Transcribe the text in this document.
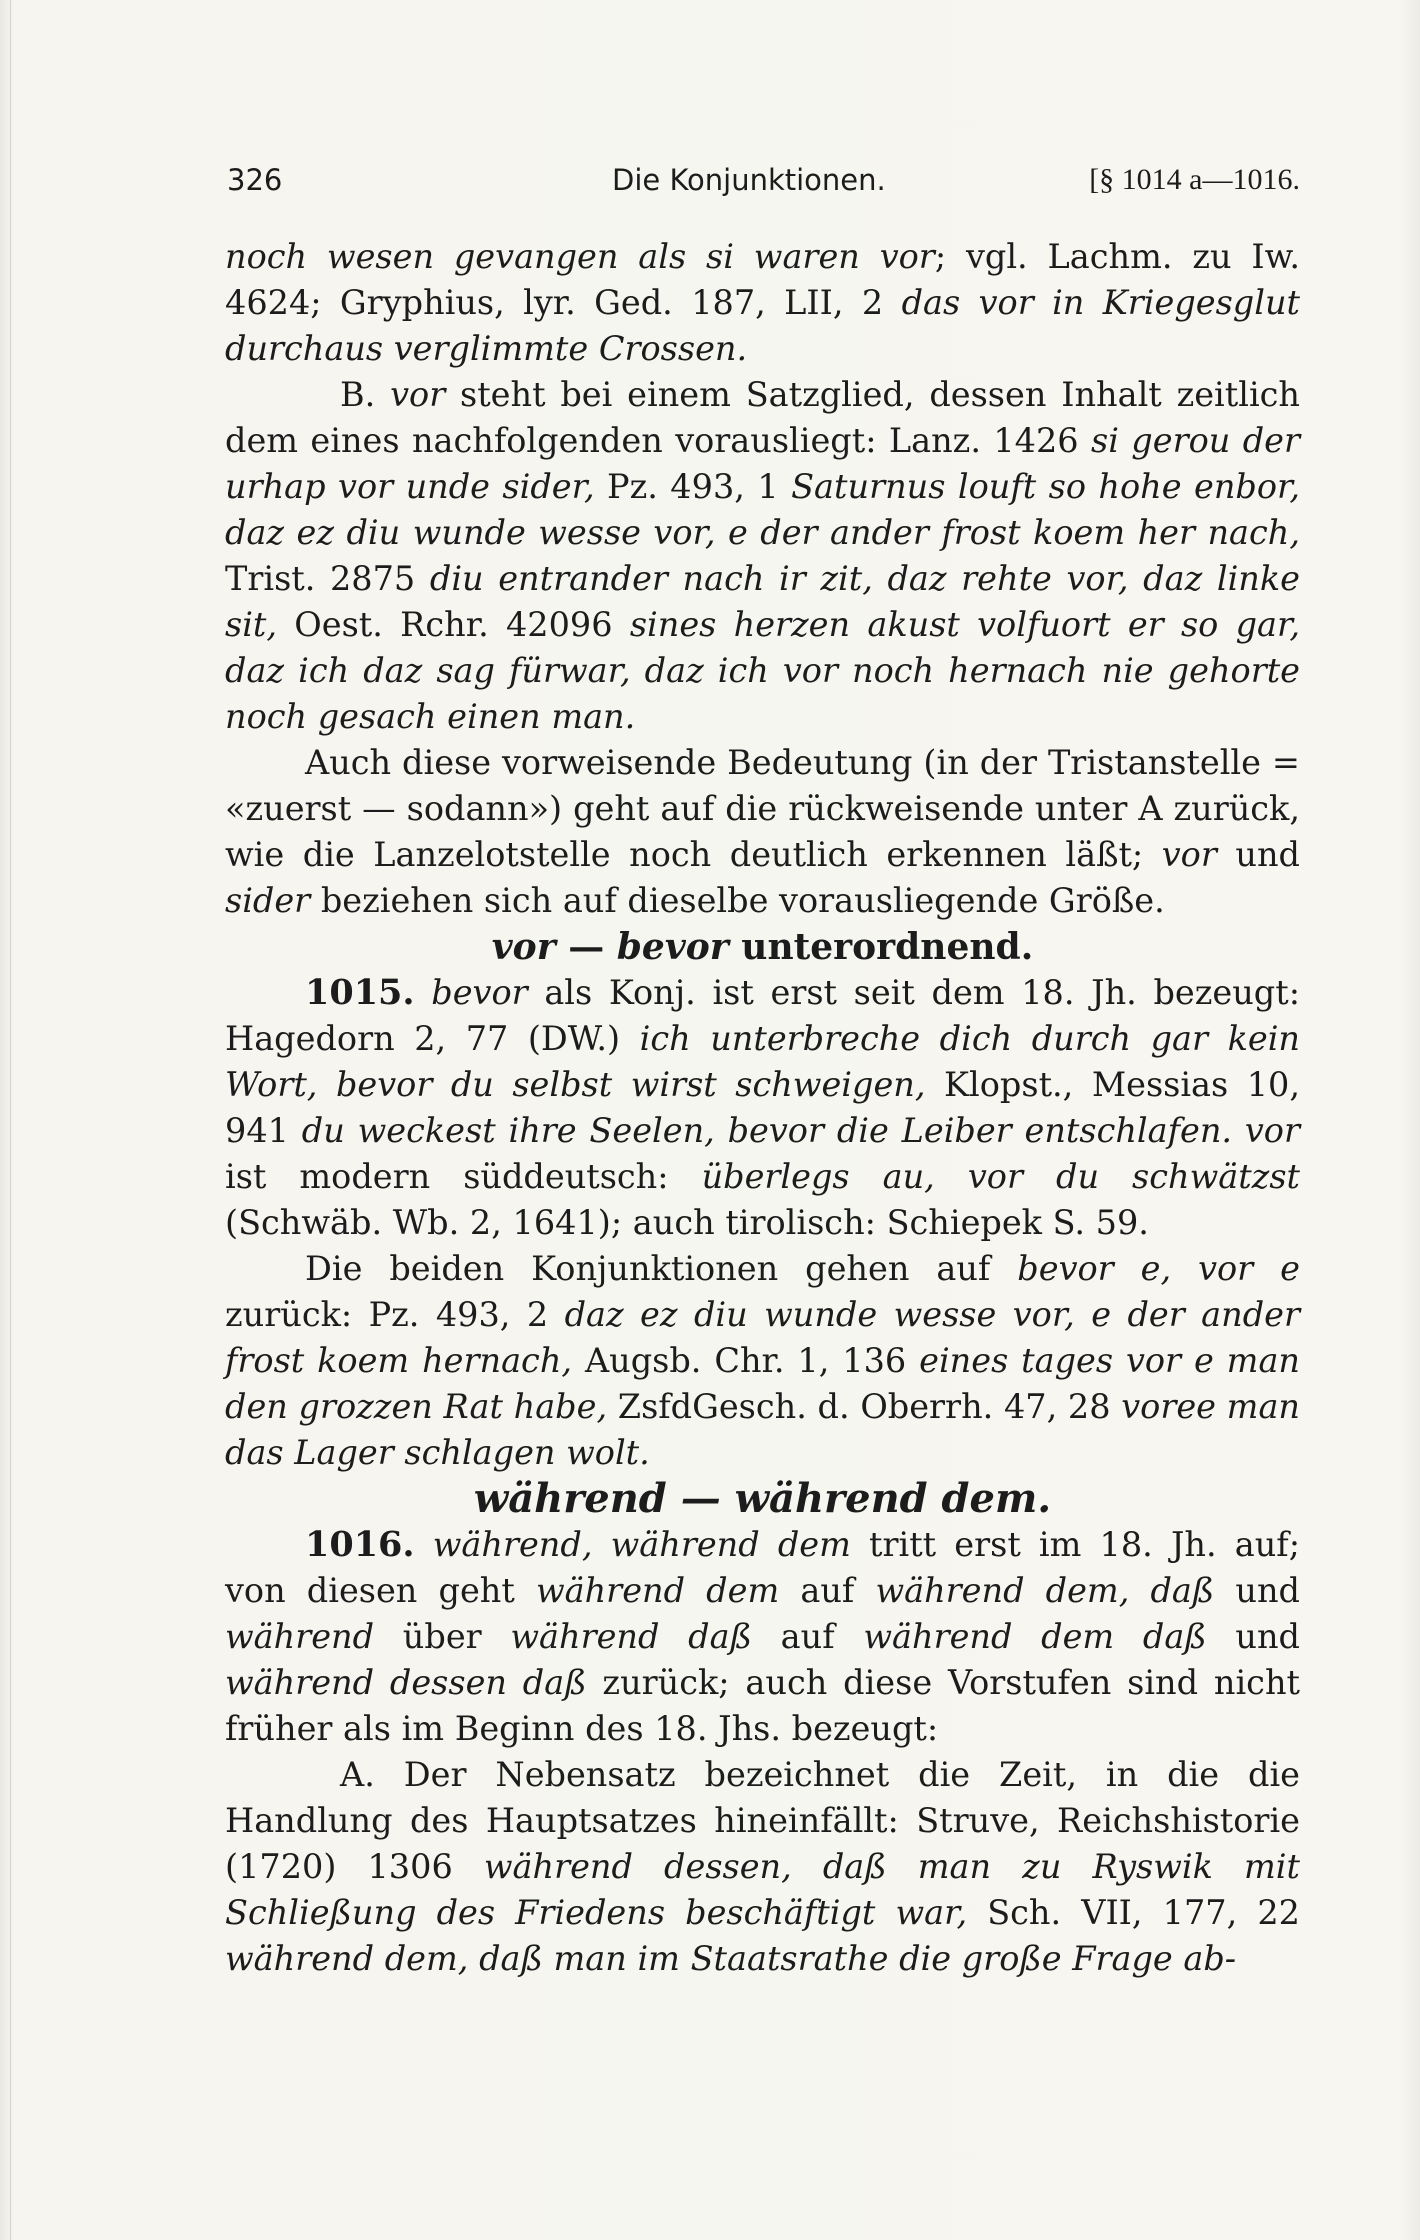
326	Die Konjunktionen.	[§ 1014 a—1016.

noch wesen gevangen als si waren vor; vgl. Lachm. zu Iw. 4624; Gryphius, lyr. Ged. 187, LII, 2 das vor in Kriegesglut durchaus verglimmte Crossen.

B. vor steht bei einem Satzglied, dessen Inhalt zeitlich dem eines nachfolgenden vorausliegt: Lanz. 1426 si gerou der urhap vor unde sider, Pz. 493, 1 Saturnus louft so hohe enbor, daz ez diu wunde wesse vor, e der ander frost koem her nach, Trist. 2875 diu entrander nach ir zit, daz rehte vor, daz linke sit, Oest. Rchr. 42096 sines herzen akust volfuort er so gar, daz ich daz sag fürwar, daz ich vor noch hernach nie gehorte noch gesach einen man.

Auch diese vorweisende Bedeutung (in der Tristanstelle = «zuerst — sodann») geht auf die rückweisende unter A zurück, wie die Lanzelotstelle noch deutlich erkennen läßt; vor und sider beziehen sich auf dieselbe vorausliegende Größe.

vor — bevor unterordnend.

1015. bevor als Konj. ist erst seit dem 18. Jh. bezeugt: Hagedorn 2, 77 (DW.) ich unterbreche dich durch gar kein Wort, bevor du selbst wirst schweigen, Klopst., Messias 10, 941 du weckest ihre Seelen, bevor die Leiber entschlafen. vor ist modern süddeutsch: überlegs au, vor du schwätzst (Schwäb. Wb. 2, 1641); auch tirolisch: Schiepek S. 59.

Die beiden Konjunktionen gehen auf bevor e, vor e zurück: Pz. 493, 2 daz ez diu wunde wesse vor, e der ander frost koem hernach, Augsb. Chr. 1, 136 eines tages vor e man den grozzen Rat habe, ZsfdGesch. d. Oberrh. 47, 28 voree man das Lager schlagen wolt.

während — während dem.

1016. während, während dem tritt erst im 18. Jh. auf; von diesen geht während dem auf während dem, daß und während über während daß auf während dem daß und während dessen daß zurück; auch diese Vorstufen sind nicht früher als im Beginn des 18. Jhs. bezeugt:

A. Der Nebensatz bezeichnet die Zeit, in die die Handlung des Hauptsatzes hineinfällt: Struve, Reichshistorie (1720) 1306 während dessen, daß man zu Ryswik mit Schließung des Friedens beschäftigt war, Sch. VII, 177, 22 während dem, daß man im Staatsrathe die große Frage ab-
